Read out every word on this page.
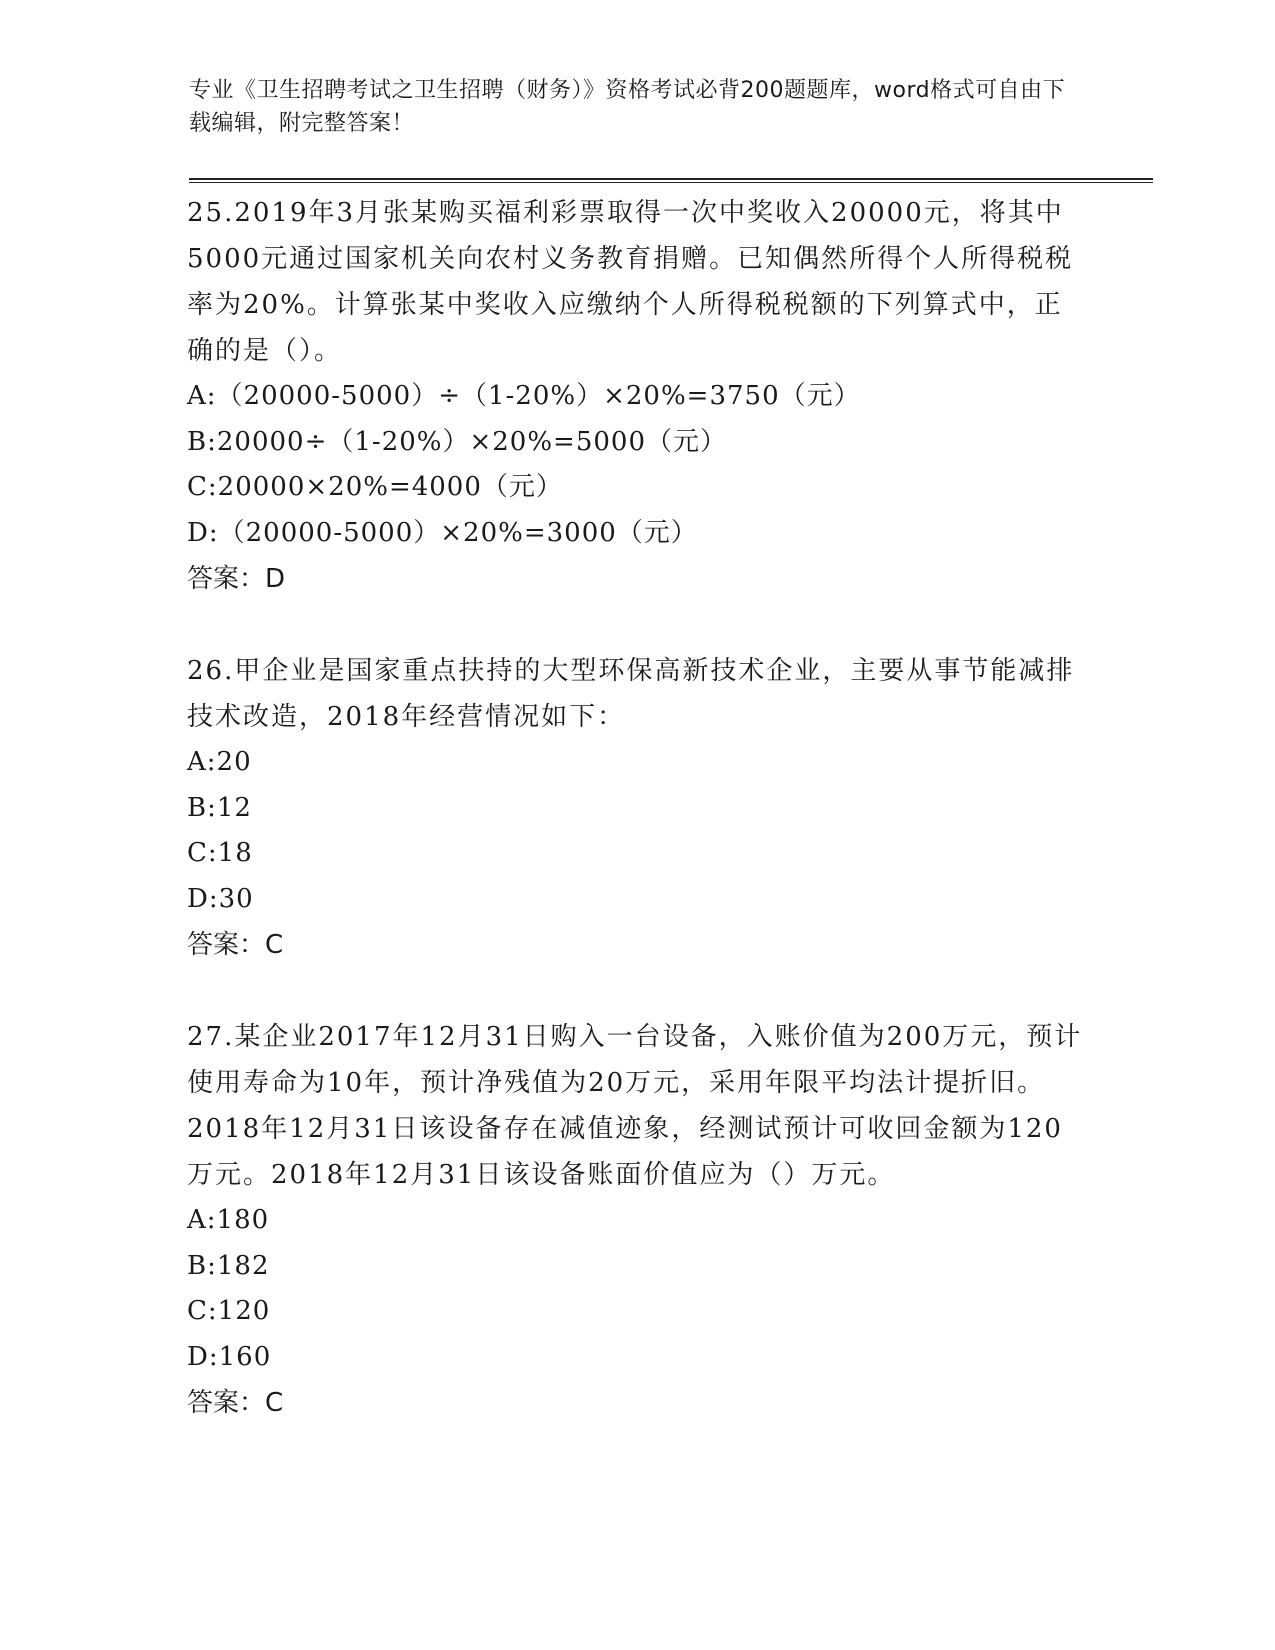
专业《卫生招聘考试之卫生招聘（财务）》资格考试必背200题题库，word格式可自由下载编辑，附完整答案！

25.2019年3月张某购买福利彩票取得一次中奖收入20000元，将其中5000元通过国家机关向农村义务教育捐赠。已知偶然所得个人所得税税率为20%。计算张某中奖收入应缴纳个人所得税税额的下列算式中，正确的是（）。

A:（20000-5000）÷（1-20%）×20%=3750（元）

B:20000÷（1-20%）×20%=5000（元）

C:20000×20%=4000（元）

D:（20000-5000）×20%=3000（元）

答案：D

26.甲企业是国家重点扶持的大型环保高新技术企业，主要从事节能减排技术改造，2018年经营情况如下：

A:20

B:12

C:18

D:30

答案：C

27.某企业2017年12月31日购入一台设备，入账价值为200万元，预计使用寿命为10年，预计净残值为20万元，采用年限平均法计提折旧。2018年12月31日该设备存在减值迹象，经测试预计可收回金额为120万元。2018年12月31日该设备账面价值应为（）万元。

A:180

B:182

C:120

D:160

答案：C
